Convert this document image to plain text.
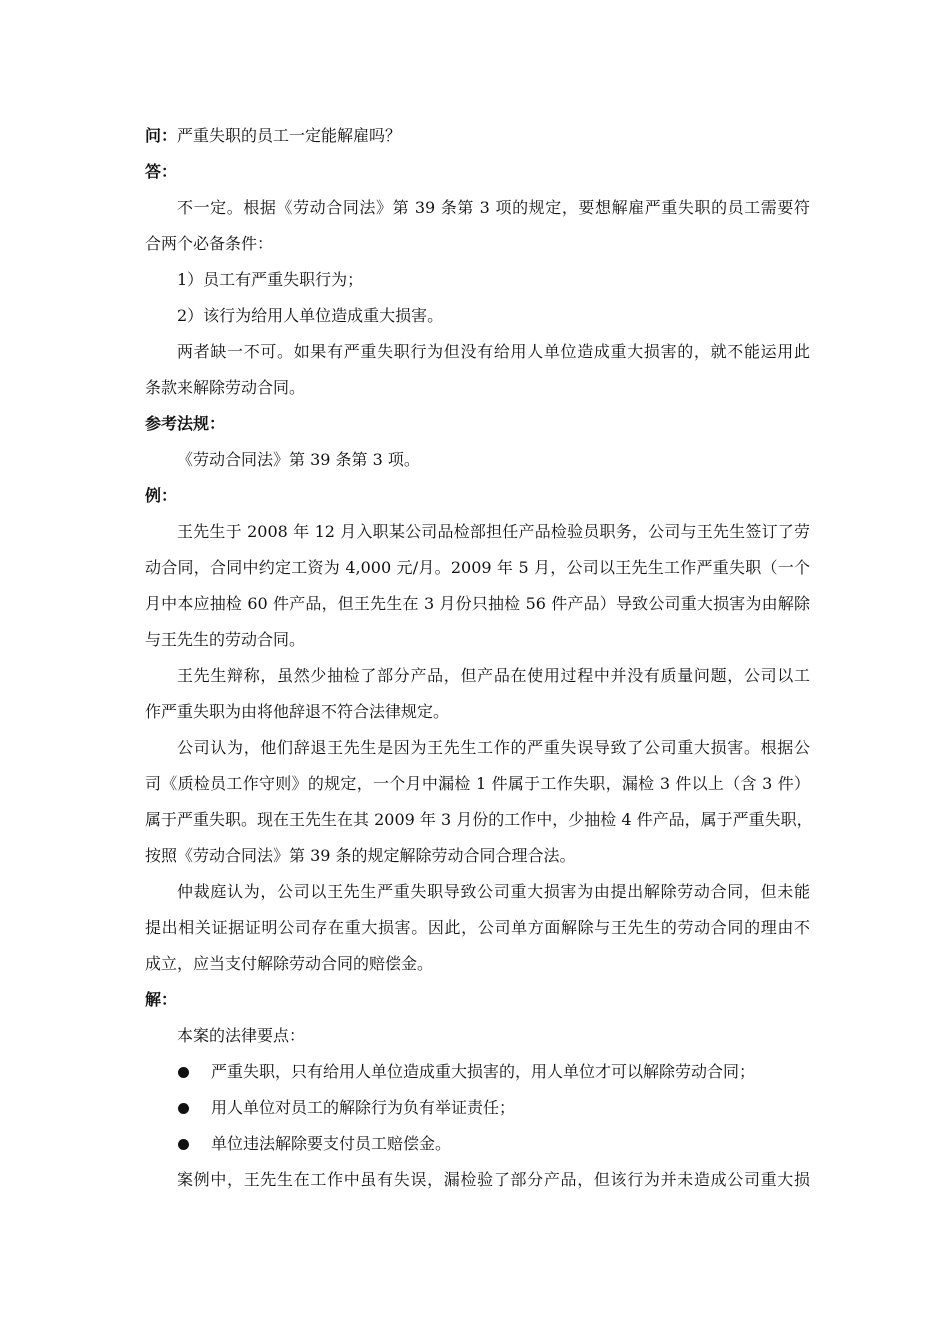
问：严重失职的员工一定能解雇吗？
答：
不一定。根据《劳动合同法》第 39 条第 3 项的规定，要想解雇严重失职的员工需要符
合两个必备条件：
1）员工有严重失职行为；
2）该行为给用人单位造成重大损害。
两者缺一不可。如果有严重失职行为但没有给用人单位造成重大损害的，就不能运用此
条款来解除劳动合同。
参考法规：
《劳动合同法》第 39 条第 3 项。
例：
王先生于 2008 年 12 月入职某公司品检部担任产品检验员职务，公司与王先生签订了劳
动合同，合同中约定工资为 4,000 元/月。2009 年 5 月，公司以王先生工作严重失职（一个
月中本应抽检 60 件产品，但王先生在 3 月份只抽检 56 件产品）导致公司重大损害为由解除
与王先生的劳动合同。
王先生辩称，虽然少抽检了部分产品，但产品在使用过程中并没有质量问题，公司以工
作严重失职为由将他辞退不符合法律规定。
公司认为，他们辞退王先生是因为王先生工作的严重失误导致了公司重大损害。根据公
司《质检员工作守则》的规定，一个月中漏检 1 件属于工作失职，漏检 3 件以上（含 3 件）
属于严重失职。现在王先生在其 2009 年 3 月份的工作中，少抽检 4 件产品，属于严重失职，
按照《劳动合同法》第 39 条的规定解除劳动合同合理合法。
仲裁庭认为，公司以王先生严重失职导致公司重大损害为由提出解除劳动合同，但未能
提出相关证据证明公司存在重大损害。因此，公司单方面解除与王先生的劳动合同的理由不
成立，应当支付解除劳动合同的赔偿金。
解：
本案的法律要点：
严重失职，只有给用人单位造成重大损害的，用人单位才可以解除劳动合同；
用人单位对员工的解除行为负有举证责任；
单位违法解除要支付员工赔偿金。
案例中，王先生在工作中虽有失误，漏检验了部分产品，但该行为并未造成公司重大损
